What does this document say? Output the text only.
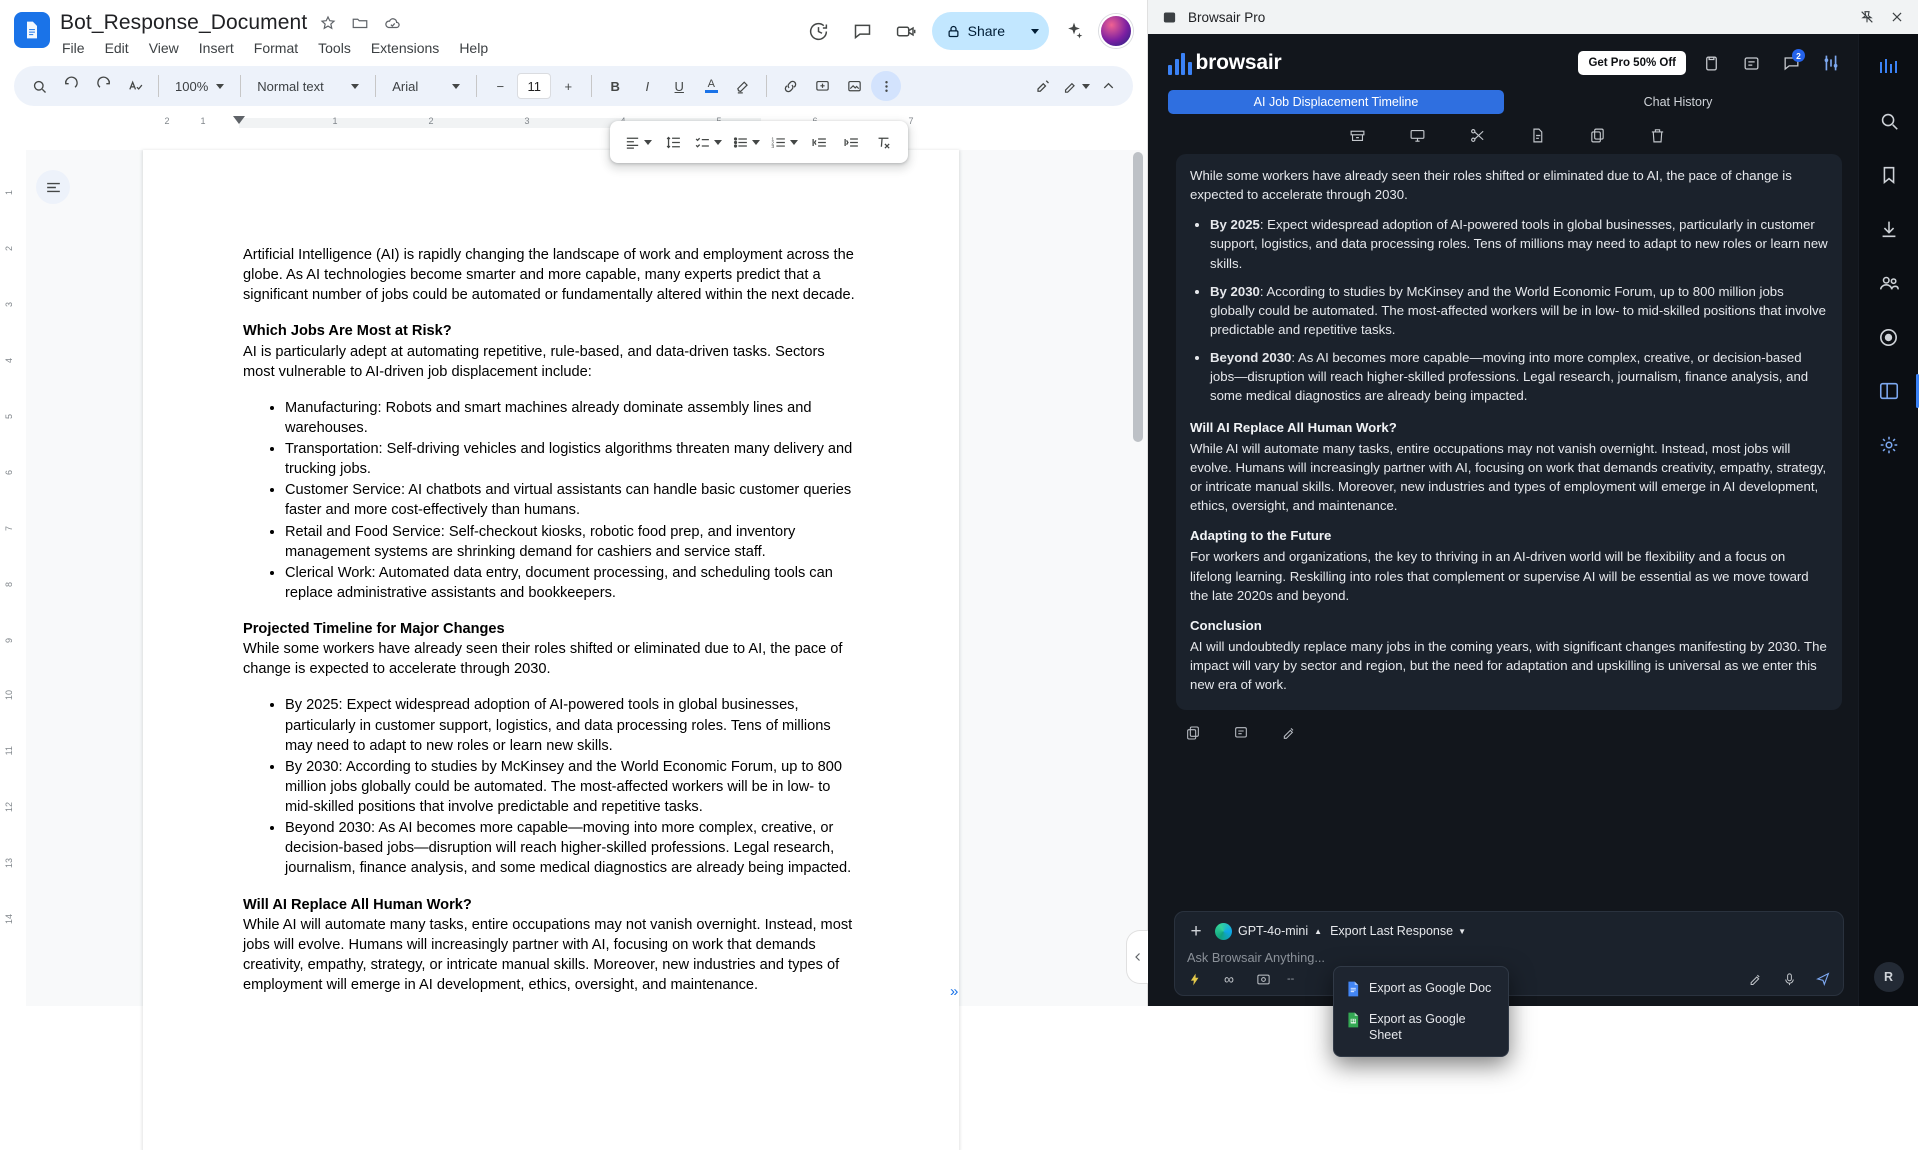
Bot_Response_Document
File Edit View Insert Format Tools Extensions Help
Share
100%	Normal text	Arial	−	11	+	B	I	U	A
2	1	1	2	3	7
1
2
3
1
2
3
4
5
6
7
8
9
10
11
12
13
14

Artificial Intelligence (AI) is rapidly changing the landscape of work and employment across the globe. As AI technologies become smarter and more capable, many experts predict that a significant number of jobs could be automated or fundamentally altered within the next decade.

Which Jobs Are Most at Risk?

AI is particularly adept at automating repetitive, rule-based, and data-driven tasks. Sectors most vulnerable to AI-driven job displacement include:

• Manufacturing: Robots and smart machines already dominate assembly lines and warehouses.
• Transportation: Self-driving vehicles and logistics algorithms threaten many delivery and trucking jobs.
• Customer Service: AI chatbots and virtual assistants can handle basic customer queries faster and more cost-effectively than humans.
• Retail and Food Service: Self-checkout kiosks, robotic food prep, and inventory management systems are shrinking demand for cashiers and service staff.
• Clerical Work: Automated data entry, document processing, and scheduling tools can replace administrative assistants and bookkeepers.
Projected Timeline for Major Changes

While some workers have already seen their roles shifted or eliminated due to AI, the pace of change is expected to accelerate through 2030.

• By 2025: Expect widespread adoption of AI-powered tools in global businesses, particularly in customer support, logistics, and data processing roles. Tens of millions may need to adapt to new roles or learn new skills.
• By 2030: According to studies by McKinsey and the World Economic Forum, up to 800 million jobs globally could be automated. The most-affected workers will be in low- to mid-skilled positions that involve predictable and repetitive tasks.
• Beyond 2030: As AI becomes more capable—moving into more complex, creative, or decision-based jobs—disruption will reach higher-skilled professions. Legal research, journalism, finance analysis, and some medical diagnostics are already being impacted.
Will AI Replace All Human Work?

While AI will automate many tasks, entire occupations may not vanish overnight. Instead, most jobs will evolve. Humans will increasingly partner with AI, focusing on work that demands creativity, empathy, strategy, or intricate manual skills. Moreover, new industries and types of employment will emerge in AI development, ethics, oversight, and maintenance.	»
Browsair Pro
browsair	Get Pro 50% Off
2
AI Job Displacement Timeline	Chat History

While some workers have already seen their roles shifted or eliminated due to AI, the pace of change is expected to accelerate through 2030.

• By 2025: Expect widespread adoption of AI-powered tools in global businesses, particularly in customer support, logistics, and data processing roles. Tens of millions may need to adapt to new roles or learn new skills.
• By 2030: According to studies by McKinsey and the World Economic Forum, up to 800 million jobs globally could be automated. The most-affected workers will be in low- to mid-skilled positions that involve predictable and repetitive tasks.
• Beyond 2030: As AI becomes more capable—moving into more complex, creative, or decision-based jobs—disruption will reach higher-skilled professions. Legal research, journalism, finance analysis, and some medical diagnostics are already being impacted.
Will AI Replace All Human Work?

While AI will automate many tasks, entire occupations may not vanish overnight. Instead, most jobs will evolve. Humans will increasingly partner with AI, focusing on work that demands creativity, empathy, strategy, or intricate manual skills. Moreover, new industries and types of employment will emerge in AI development, ethics, oversight, and maintenance.

Adapting to the Future

For workers and organizations, the key to thriving in an AI-driven world will be flexibility and a focus on lifelong learning. Reskilling into roles that complement or supervise AI will be essential as we move toward the late 2020s and beyond.

Conclusion

AI will undoubtedly replace many jobs in the coming years, with significant changes manifesting by 2030. The impact will vary by sector and region, but the need for adaptation and upskilling is universal as we enter this new era of work.

+	GPT-4o-mini ▲ Export Last Response ▼
Ask Browsair Anything...
∞	--
Export as Google Doc
Export as Google Sheet
R
